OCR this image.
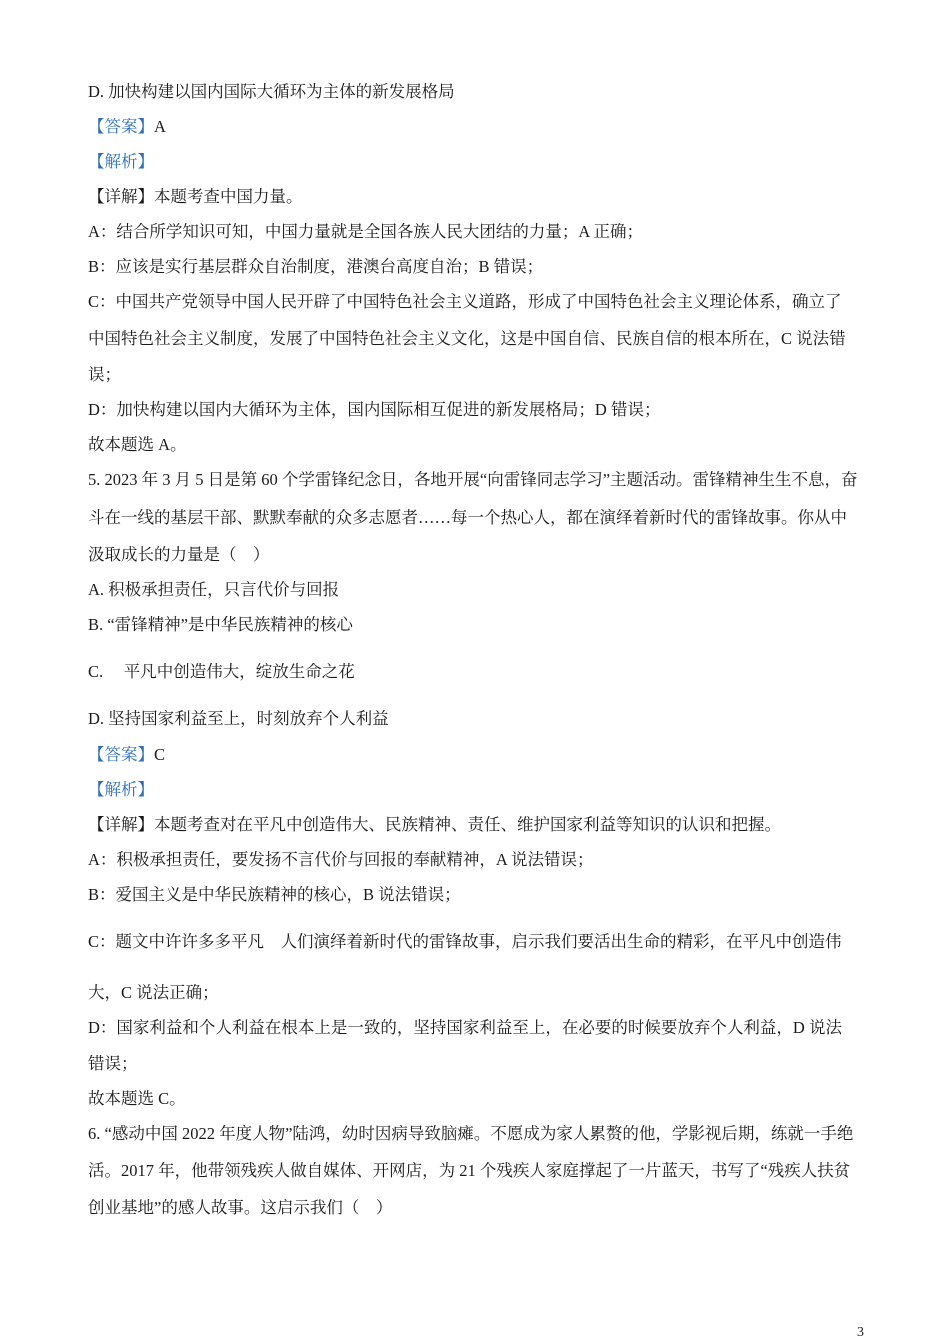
D. 加快构建以国内国际大循环为主体的新发展格局
【答案】A
【解析】
【详解】本题考查中国力量。
A：结合所学知识可知，中国力量就是全国各族人民大团结的力量；A 正确；
B：应该是实行基层群众自治制度，港澳台高度自治；B 错误；
C：中国共产党领导中国人民开辟了中国特色社会主义道路，形成了中国特色社会主义理论体系，确立了
中国特色社会主义制度，发展了中国特色社会主义文化，这是中国自信、民族自信的根本所在，C 说法错
误；
D：加快构建以国内大循环为主体，国内国际相互促进的新发展格局；D 错误；
故本题选 A。
5. 2023 年 3 月 5 日是第 60 个学雷锋纪念日，各地开展“向雷锋同志学习”主题活动。雷锋精神生生不息，奋
斗在一线的基层干部、默默奉献的众多志愿者……每一个热心人，都在演绎着新时代的雷锋故事。你从中
汲取成长的力量是（　）
A. 积极承担责任，只言代价与回报
B. “雷锋精神”是中华民族精神的核心
C.　 平凡中创造伟大，绽放生命之花
D. 坚持国家利益至上，时刻放弃个人利益
【答案】C
【解析】
【详解】本题考查对在平凡中创造伟大、民族精神、责任、维护国家利益等知识的认识和把握。
A：积极承担责任，要发扬不言代价与回报的奉献精神，A 说法错误；
B：爱国主义是中华民族精神的核心，B 说法错误；
C：题文中许许多多平凡　人们演绎着新时代的雷锋故事，启示我们要活出生命的精彩，在平凡中创造伟
大，C 说法正确；
D：国家利益和个人利益在根本上是一致的，坚持国家利益至上，在必要的时候要放弃个人利益，D 说法
错误；
故本题选 C。
6. “感动中国 2022 年度人物”陆鸿，幼时因病导致脑瘫。不愿成为家人累赘的他，学影视后期，练就一手绝
活。2017 年，他带领残疾人做自媒体、开网店，为 21 个残疾人家庭撑起了一片蓝天，书写了“残疾人扶贫
创业基地”的感人故事。这启示我们（　）
3
